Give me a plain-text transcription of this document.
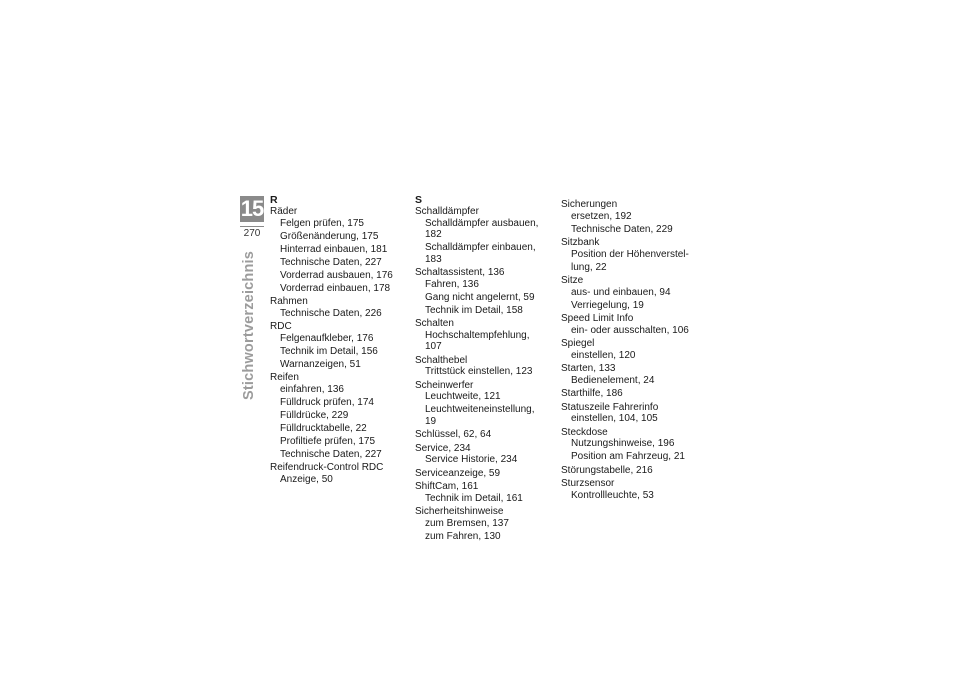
15
270
Stichwortverzeichnis
R
Räder
Felgen prüfen, 175
Größenänderung, 175
Hinterrad einbauen, 181
Technische Daten, 227
Vorderrad ausbauen, 176
Vorderrad einbauen, 178
Rahmen
Technische Daten, 226
RDC
Felgenaufkleber, 176
Technik im Detail, 156
Warnanzeigen, 51
Reifen
einfahren, 136
Fülldruck prüfen, 174
Fülldrücke, 229
Fülldrucktabelle, 22
Profiltiefe prüfen, 175
Technische Daten, 227
Reifendruck-Control RDC
Anzeige, 50
S
Schalldämpfer
Schalldämpfer ausbauen, 182
Schalldämpfer einbauen, 183
Schaltassistent, 136
Fahren, 136
Gang nicht angelernt, 59
Technik im Detail, 158
Schalten
Hochschaltempfehlung, 107
Schalthebel
Trittstück einstellen, 123
Scheinwerfer
Leuchtweite, 121
Leuchtweiteneinstellung, 19
Schlüssel, 62, 64
Service, 234
Service Historie, 234
Serviceanzeige, 59
ShiftCam, 161
Technik im Detail, 161
Sicherheitshinweise
zum Bremsen, 137
zum Fahren, 130
Sicherungen
ersetzen, 192
Technische Daten, 229
Sitzbank
Position der Höhenverstel-
lung, 22
Sitze
aus- und einbauen, 94
Verriegelung, 19
Speed Limit Info
ein- oder ausschalten, 106
Spiegel
einstellen, 120
Starten, 133
Bedienelement, 24
Starthilfe, 186
Statuszeile Fahrerinfo
einstellen, 104, 105
Steckdose
Nutzungshinweise, 196
Position am Fahrzeug, 21
Störungstabelle, 216
Sturzsensor
Kontrollleuchte, 53
